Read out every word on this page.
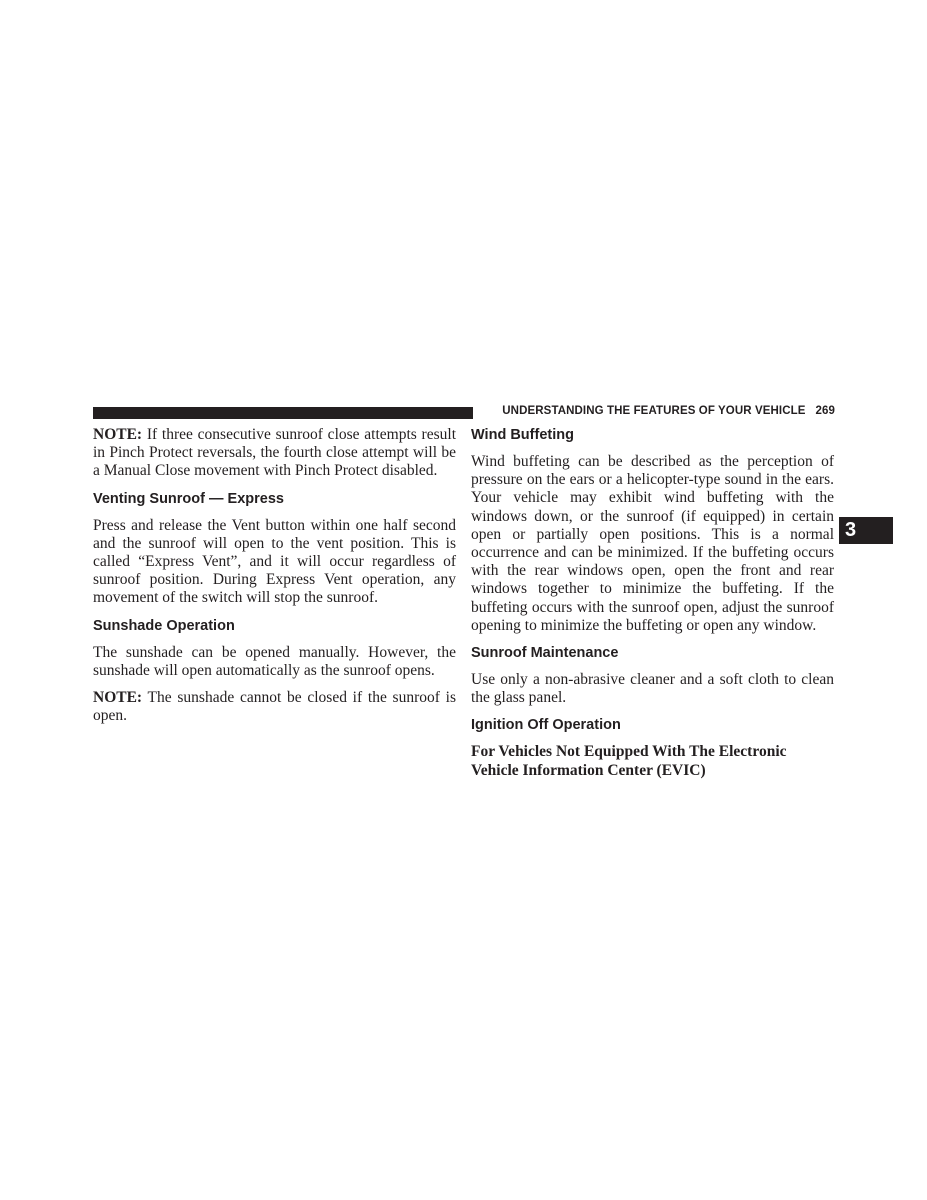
UNDERSTANDING THE FEATURES OF YOUR VEHICLE 269
3

NOTE: If three consecutive sunroof close attempts result in Pinch Protect reversals, the fourth close attempt will be a Manual Close movement with Pinch Protect disabled.

Venting Sunroof — Express

Press and release the Vent button within one half second and the sunroof will open to the vent position. This is called “Express Vent”, and it will occur regardless of sunroof position. During Express Vent operation, any movement of the switch will stop the sunroof.

Sunshade Operation

The sunshade can be opened manually. However, the sunshade will open automatically as the sunroof opens.

NOTE: The sunshade cannot be closed if the sunroof is open.

Wind Buffeting

Wind buffeting can be described as the perception of pressure on the ears or a helicopter-type sound in the ears. Your vehicle may exhibit wind buffeting with the windows down, or the sunroof (if equipped) in certain open or partially open positions. This is a normal occurrence and can be minimized. If the buffeting occurs with the rear windows open, open the front and rear windows together to minimize the buffeting. If the buffeting occurs with the sunroof open, adjust the sunroof opening to minimize the buffeting or open any window.

Sunroof Maintenance

Use only a non-abrasive cleaner and a soft cloth to clean the glass panel.

Ignition Off Operation

For Vehicles Not Equipped With The Electronic Vehicle Information Center (EVIC)
